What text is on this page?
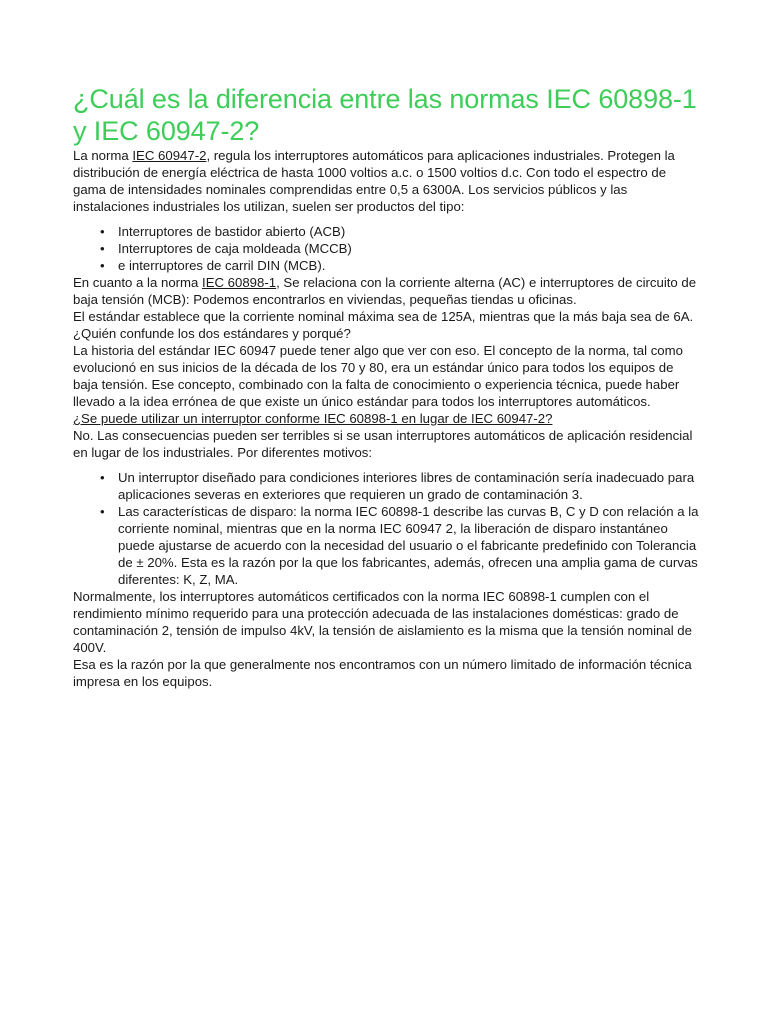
¿Cuál es la diferencia entre las normas IEC 60898-1 y IEC 60947-2?

La norma IEC 60947-2, regula los interruptores automáticos para aplicaciones industriales. Protegen la distribución de energía eléctrica de hasta 1000 voltios a.c. o 1500 voltios d.c. Con todo el espectro de gama de intensidades nominales comprendidas entre 0,5 a 6300A. Los servicios públicos y las instalaciones industriales los utilizan, suelen ser productos del tipo:

• Interruptores de bastidor abierto (ACB)
• Interruptores de caja moldeada (MCCB)
• e interruptores de carril DIN (MCB).

En cuanto a la norma IEC 60898-1, Se relaciona con la corriente alterna (AC) e interruptores de circuito de baja tensión (MCB): Podemos encontrarlos en viviendas, pequeñas tiendas u oficinas.

El estándar establece que la corriente nominal máxima sea de 125A, mientras que la más baja sea de 6A.

¿Quién confunde los dos estándares y porqué?

La historia del estándar IEC 60947 puede tener algo que ver con eso. El concepto de la norma, tal como evolucionó en sus inicios de la década de los 70 y 80, era un estándar único para todos los equipos de baja tensión. Ese concepto, combinado con la falta de conocimiento o experiencia técnica, puede haber llevado a la idea errónea de que existe un único estándar para todos los interruptores automáticos.

¿Se puede utilizar un interruptor conforme IEC 60898-1 en lugar de IEC 60947-2?

No. Las consecuencias pueden ser terribles si se usan interruptores automáticos de aplicación residencial en lugar de los industriales. Por diferentes motivos:

• Un interruptor diseñado para condiciones interiores libres de contaminación sería inadecuado para aplicaciones severas en exteriores que requieren un grado de contaminación 3.
• Las características de disparo: la norma IEC 60898-1 describe las curvas B, C y D con relación a la corriente nominal, mientras que en la norma IEC 60947 2, la liberación de disparo instantáneo puede ajustarse de acuerdo con la necesidad del usuario o el fabricante predefinido con Tolerancia de ± 20%. Esta es la razón por la que los fabricantes, además, ofrecen una amplia gama de curvas diferentes: K, Z, MA.

Normalmente, los interruptores automáticos certificados con la norma IEC 60898-1 cumplen con el rendimiento mínimo requerido para una protección adecuada de las instalaciones domésticas: grado de contaminación 2, tensión de impulso 4kV, la tensión de aislamiento es la misma que la tensión nominal de 400V.

Esa es la razón por la que generalmente nos encontramos con un número limitado de información técnica impresa en los equipos.
